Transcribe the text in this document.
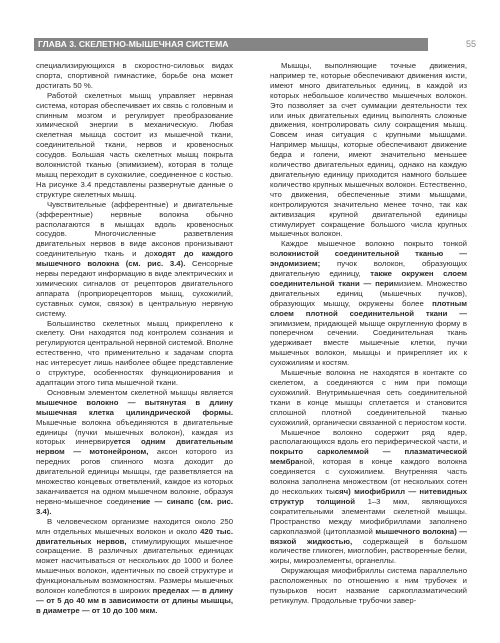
ГЛАВА 3. СКЕЛЕТНО-МЫШЕЧНАЯ СИСТЕМА	55

специализирующихся в скоростно-силовых видах спорта, спортивной гимнастике, борьбе она может достигать 50 %.

Работой скелетных мышц управляет нервная система, которая обеспечивает их связь с головным и спинным мозгом и регулирует преобразование химической энергии в механическую. Любая скелетная мышца состоит из мышечной ткани, соединительной ткани, нервов и кровеносных сосудов. Большая часть скелетных мышц покрыта волокнистой тканью (эпимизием), которая в толще мышц переходит в сухожилие, соединенное с костью. На рисунке 3.4 представлены развернутые данные о структуре скелетных мышц.

Чувствительные (афферентные) и двигательные (эфферентные) нервные волокна обычно располагаются в мышцах вдоль кровеносных сосудов. Многочисленные разветвления двигательных нервов в виде аксонов пронизывают соединительную ткань и доходят до каждого мышечного волокна (см. рис. 3.4). Сенсорные нервы передают информацию в виде электрических и химических сигналов от рецепторов двигательного аппарата (проприорецепторов мышц, сухожилий, суставных сумок, связок) в центральную нервную систему.

Большинство скелетных мышц прикреплено к скелету. Они находятся под контролем сознания и регулируются центральной нервной системой. Вполне естественно, что применительно к задачам спорта нас интересует лишь наиболее общее представление о структуре, особенностях функционирования и адаптации этого типа мышечной ткани.

Основным элементом скелетной мышцы является мышечное волокно — вытянутая в длину мышечная клетка цилиндрической формы. Мышечные волокна объединяются в двигательные единицы (пучки мышечных волокон), каждая из которых иннервируется одним двигательным нервом — мотонейроном, аксон которого из передних рогов спинного мозга доходит до двигательной единицы мышцы, где разветвляется на множество концевых ответвлений, каждое из которых заканчивается на одном мышечном волокне, образуя нервно-мышечное соединение — синапс (см. рис. 3.4).

В человеческом организме находится около 250 млн отдельных мышечных волокон и около 420 тыс. двигательных нервов, стимулирующих мышечное сокращение. В различных двигательных единицах может насчитываться от нескольких до 1000 и более мышечных волокон, идентичных по своей структуре и функциональным возможностям. Размеры мышечных волокон колеблются в широких пределах — в длину — от 5 до 40 мм в зависимости от длины мышцы, в диаметре — от 10 до 100 мкм.

Мышцы, выполняющие точные движения, например те, которые обеспечивают движения кисти, имеют много двигательных единиц, в каждой из которых небольшое количество мышечных волокон. Это позволяет за счет суммации деятельности тех или иных двигательных единиц выполнять сложные движения, контролировать силу сокращения мышц. Совсем иная ситуация с крупными мышцами. Например мышцы, которые обеспечивают движение бедра и голени, имеют значительно меньшее количество двигательных единиц, однако на каждую двигательную единицу приходится намного большее количество крупных мышечных волокон. Естественно, что движения, обеспеченные этими мышцами, контролируются значительно менее точно, так как активизация крупной двигательной единицы стимулирует сокращение большого числа крупных мышечных волокон.

Каждое мышечное волокно покрыто тонкой волокнистой соединительной тканью — эндомизием; пучок волокон, образующих двигательную единицу, также окружен слоем соединительной ткани — перимизием. Множество двигательных единиц (мышечных пучков), образующих мышцу, окружены более плотным слоем плотной соединительной ткани — эпимизием, придающей мышце округленную форму в поперечном сечении. Соединительная ткань удерживает вместе мышечные клетки, пучки мышечных волокон, мышцы и прикрепляет их к сухожилиям и костям.

Мышечные волокна не находятся в контакте со скелетом, а соединяются с ним при помощи сухожилий. Внутримышечная сеть соединительной ткани в конце мышцы сплетается и становится сплошной плотной соединительной тканью сухожилий, органически связанной с периостом кости.

Мышечное волокно содержит ряд ядер, располагающихся вдоль его периферической части, и покрыто сарколеммой — плазматической мембраной, которая в конце каждого волокна соединяется с сухожилием. Внутренняя часть волокна заполнена множеством (от нескольких сотен до нескольких тысяч) миофибрилл — нитевидных структур толщиной 1–3 мкм, являющихся сократительными элементами скелетной мышцы. Пространство между миофибриллами заполнено саркоплазмой (цитоплазмой мышечного волокна) — вязкой жидкостью, содержащей в большом количестве гликоген, миоглобин, растворенные белки, жиры, микроэлементы, органеллы.

Окружающая миофибриллы система параллельно расположенных по отношению к ним трубочек и пузырьков носит название саркоплазматический ретикулум. Продольные трубочки завер-
